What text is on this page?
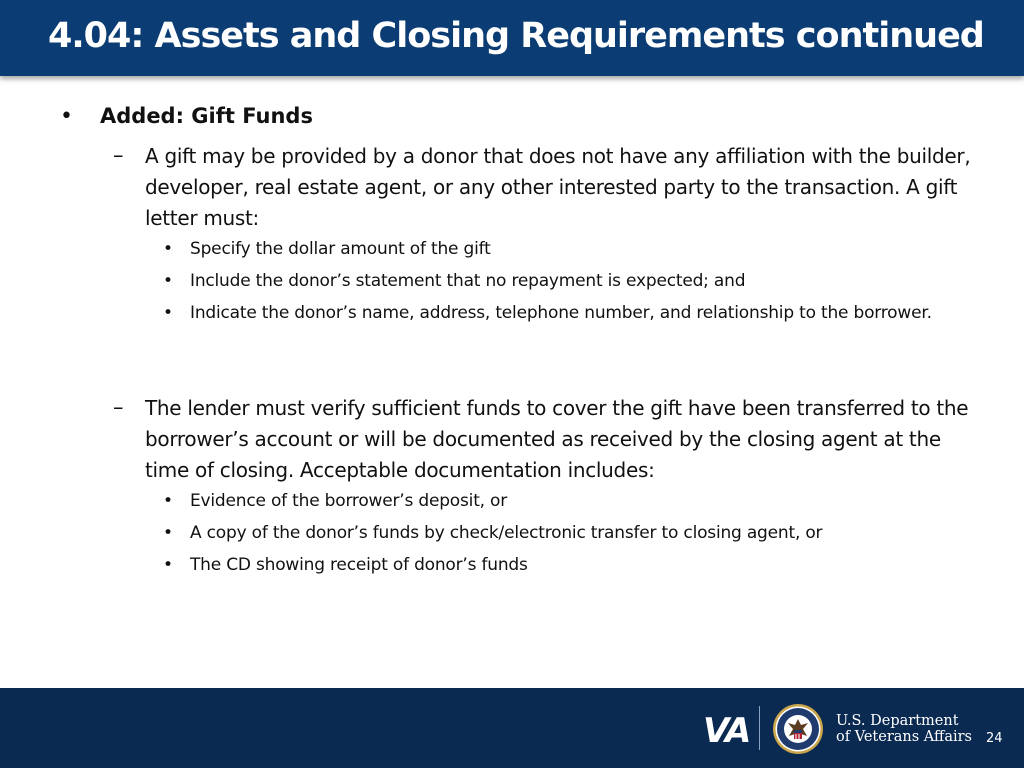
4.04: Assets and Closing Requirements continued
• Added: Gift Funds
– A gift may be provided by a donor that does not have any affiliation with the builder, developer, real estate agent, or any other interested party to the transaction. A gift letter must:

• Specify the dollar amount of the gift
• Include the donor’s statement that no repayment is expected; and
• Indicate the donor’s name, address, telephone number, and relationship to the borrower.
– The lender must verify sufficient funds to cover the gift have been transferred to the borrower’s account or will be documented as received by the closing agent at the time of closing. Acceptable documentation includes:

• Evidence of the borrower’s deposit, or
• A copy of the donor’s funds by check/electronic transfer to closing agent, or
• The CD showing receipt of donor’s funds
VA	U.S. Department
of Veterans Affairs 24
